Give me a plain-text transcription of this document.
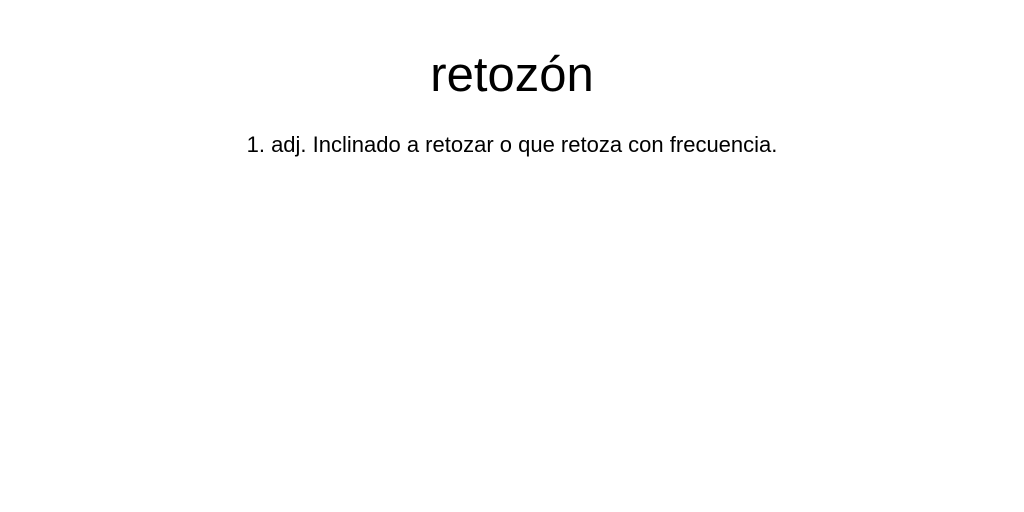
retozón

1. adj. Inclinado a retozar o que retoza con frecuencia.
